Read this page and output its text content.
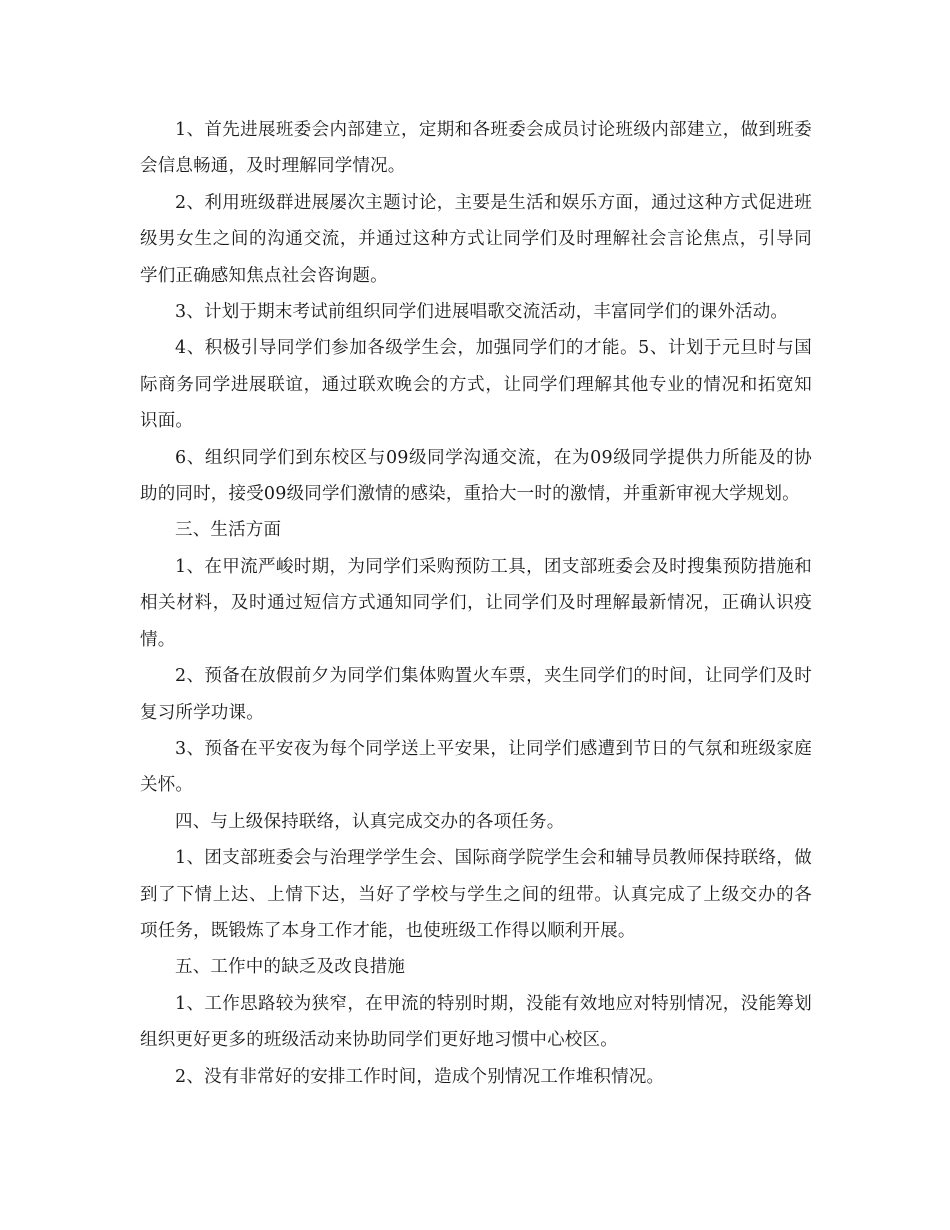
1、首先进展班委会内部建立，定期和各班委会成员讨论班级内部建立，做到班委会信息畅通，及时理解同学情况。

2、利用班级群进展屡次主题讨论，主要是生活和娱乐方面，通过这种方式促进班级男女生之间的沟通交流，并通过这种方式让同学们及时理解社会言论焦点，引导同学们正确感知焦点社会咨询题。

3、计划于期末考试前组织同学们进展唱歌交流活动，丰富同学们的课外活动。

4、积极引导同学们参加各级学生会，加强同学们的才能。5、计划于元旦时与国际商务同学进展联谊，通过联欢晚会的方式，让同学们理解其他专业的情况和拓宽知识面。

6、组织同学们到东校区与09级同学沟通交流，在为09级同学提供力所能及的协助的同时，接受09级同学们激情的感染，重拾大一时的激情，并重新审视大学规划。

三、生活方面

1、在甲流严峻时期，为同学们采购预防工具，团支部班委会及时搜集预防措施和相关材料，及时通过短信方式通知同学们，让同学们及时理解最新情况，正确认识疫情。

2、预备在放假前夕为同学们集体购置火车票，夹生同学们的时间，让同学们及时复习所学功课。

3、预备在平安夜为每个同学送上平安果，让同学们感遭到节日的气氛和班级家庭关怀。

四、与上级保持联络，认真完成交办的各项任务。

1、团支部班委会与治理学学生会、国际商学院学生会和辅导员教师保持联络，做到了下情上达、上情下达，当好了学校与学生之间的纽带。认真完成了上级交办的各项任务，既锻炼了本身工作才能，也使班级工作得以顺利开展。

五、工作中的缺乏及改良措施

1、工作思路较为狭窄，在甲流的特别时期，没能有效地应对特别情况，没能筹划组织更好更多的班级活动来协助同学们更好地习惯中心校区。

2、没有非常好的安排工作时间，造成个别情况工作堆积情况。
